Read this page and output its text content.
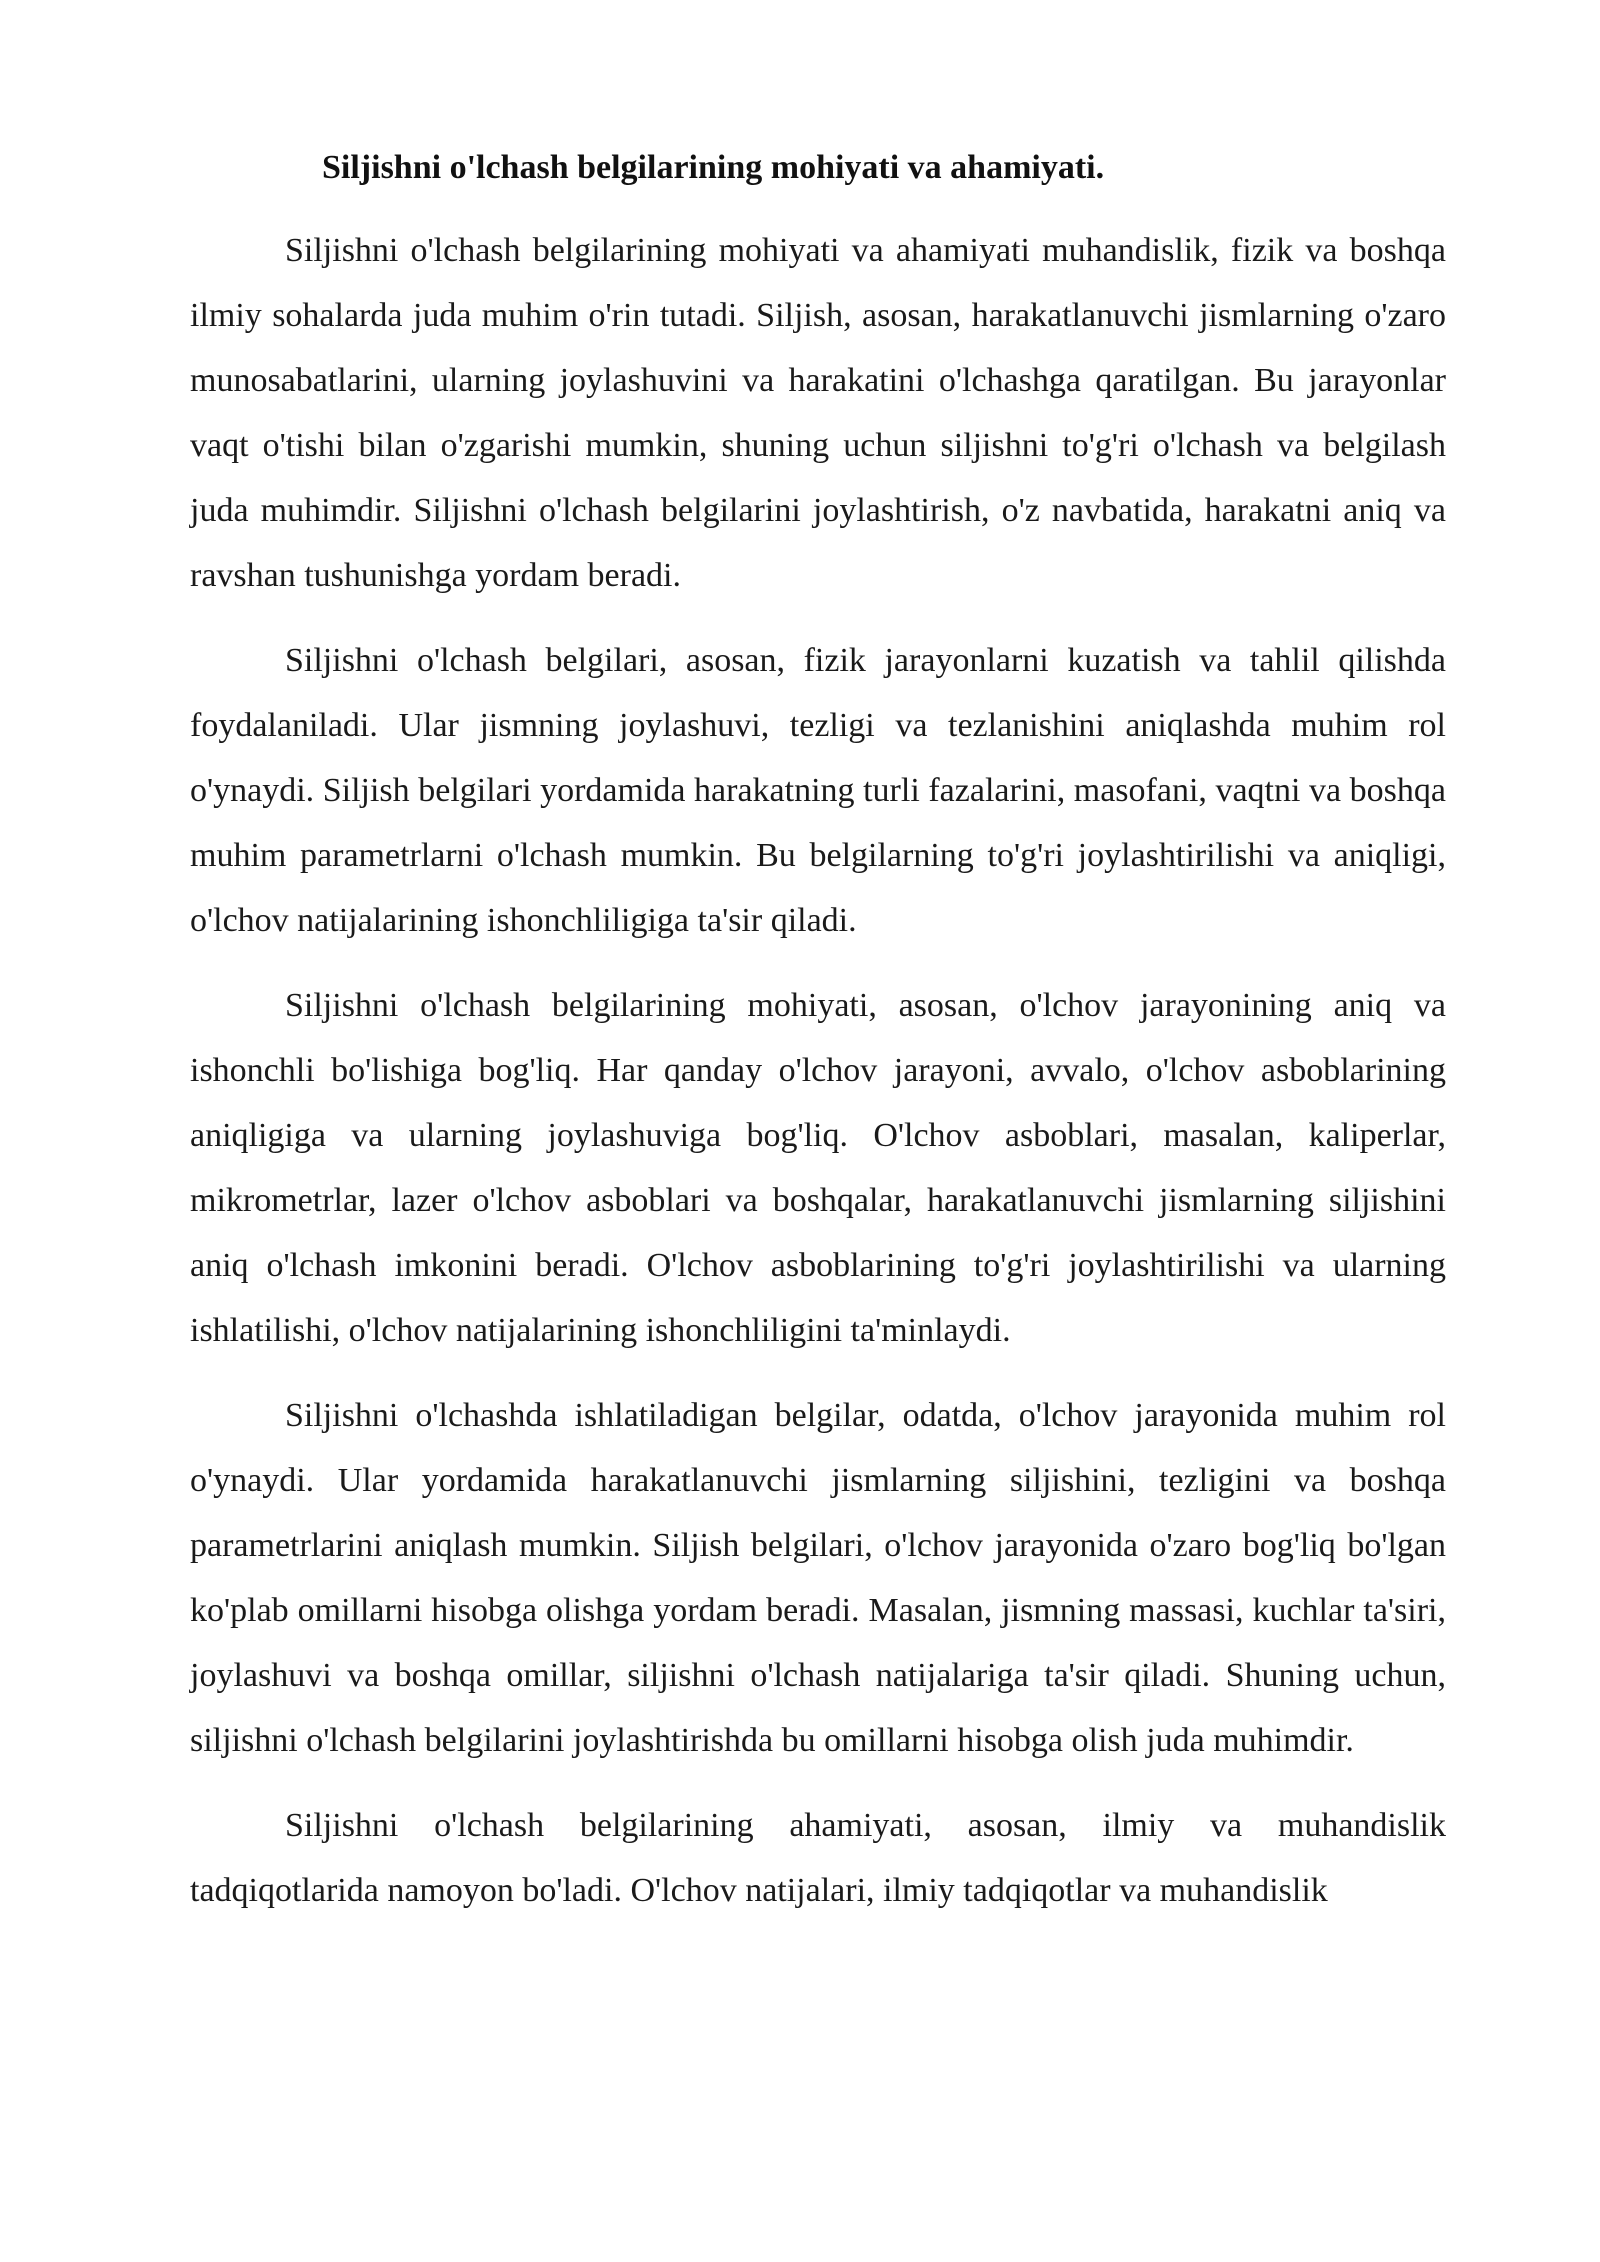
Siljishni o'lchash belgilarining mohiyati va ahamiyati.

Siljishni o'lchash belgilarining mohiyati va ahamiyati muhandislik, fizik va boshqa ilmiy sohalarda juda muhim o'rin tutadi. Siljish, asosan, harakatlanuvchi jismlarning o'zaro munosabatlarini, ularning joylashuvini va harakatini o'lchashga qaratilgan. Bu jarayonlar vaqt o'tishi bilan o'zgarishi mumkin, shuning uchun siljishni to'g'ri o'lchash va belgilash juda muhimdir. Siljishni o'lchash belgilarini joylashtirish, o'z navbatida, harakatni aniq va ravshan tushunishga yordam beradi.

Siljishni o'lchash belgilari, asosan, fizik jarayonlarni kuzatish va tahlil qilishda foydalaniladi. Ular jismning joylashuvi, tezligi va tezlanishini aniqlashda muhim rol o'ynaydi. Siljish belgilari yordamida harakatning turli fazalarini, masofani, vaqtni va boshqa muhim parametrlarni o'lchash mumkin. Bu belgilarning to'g'ri joylashtirilishi va aniqligi, o'lchov natijalarining ishonchliligiga ta'sir qiladi.

Siljishni o'lchash belgilarining mohiyati, asosan, o'lchov jarayonining aniq va ishonchli bo'lishiga bog'liq. Har qanday o'lchov jarayoni, avvalo, o'lchov asboblarining aniqligiga va ularning joylashuviga bog'liq. O'lchov asboblari, masalan, kaliperlar, mikrometrlar, lazer o'lchov asboblari va boshqalar, harakatlanuvchi jismlarning siljishini aniq o'lchash imkonini beradi. O'lchov asboblarining to'g'ri joylashtirilishi va ularning ishlatilishi, o'lchov natijalarining ishonchliligini ta'minlaydi.

Siljishni o'lchashda ishlatiladigan belgilar, odatda, o'lchov jarayonida muhim rol o'ynaydi. Ular yordamida harakatlanuvchi jismlarning siljishini, tezligini va boshqa parametrlarini aniqlash mumkin. Siljish belgilari, o'lchov jarayonida o'zaro bog'liq bo'lgan ko'plab omillarni hisobga olishga yordam beradi. Masalan, jismning massasi, kuchlar ta'siri, joylashuvi va boshqa omillar, siljishni o'lchash natijalariga ta'sir qiladi. Shuning uchun, siljishni o'lchash belgilarini joylashtirishda bu omillarni hisobga olish juda muhimdir.

Siljishni o'lchash belgilarining ahamiyati, asosan, ilmiy va muhandislik tadqiqotlarida namoyon bo'ladi. O'lchov natijalari, ilmiy tadqiqotlar va muhandislik
